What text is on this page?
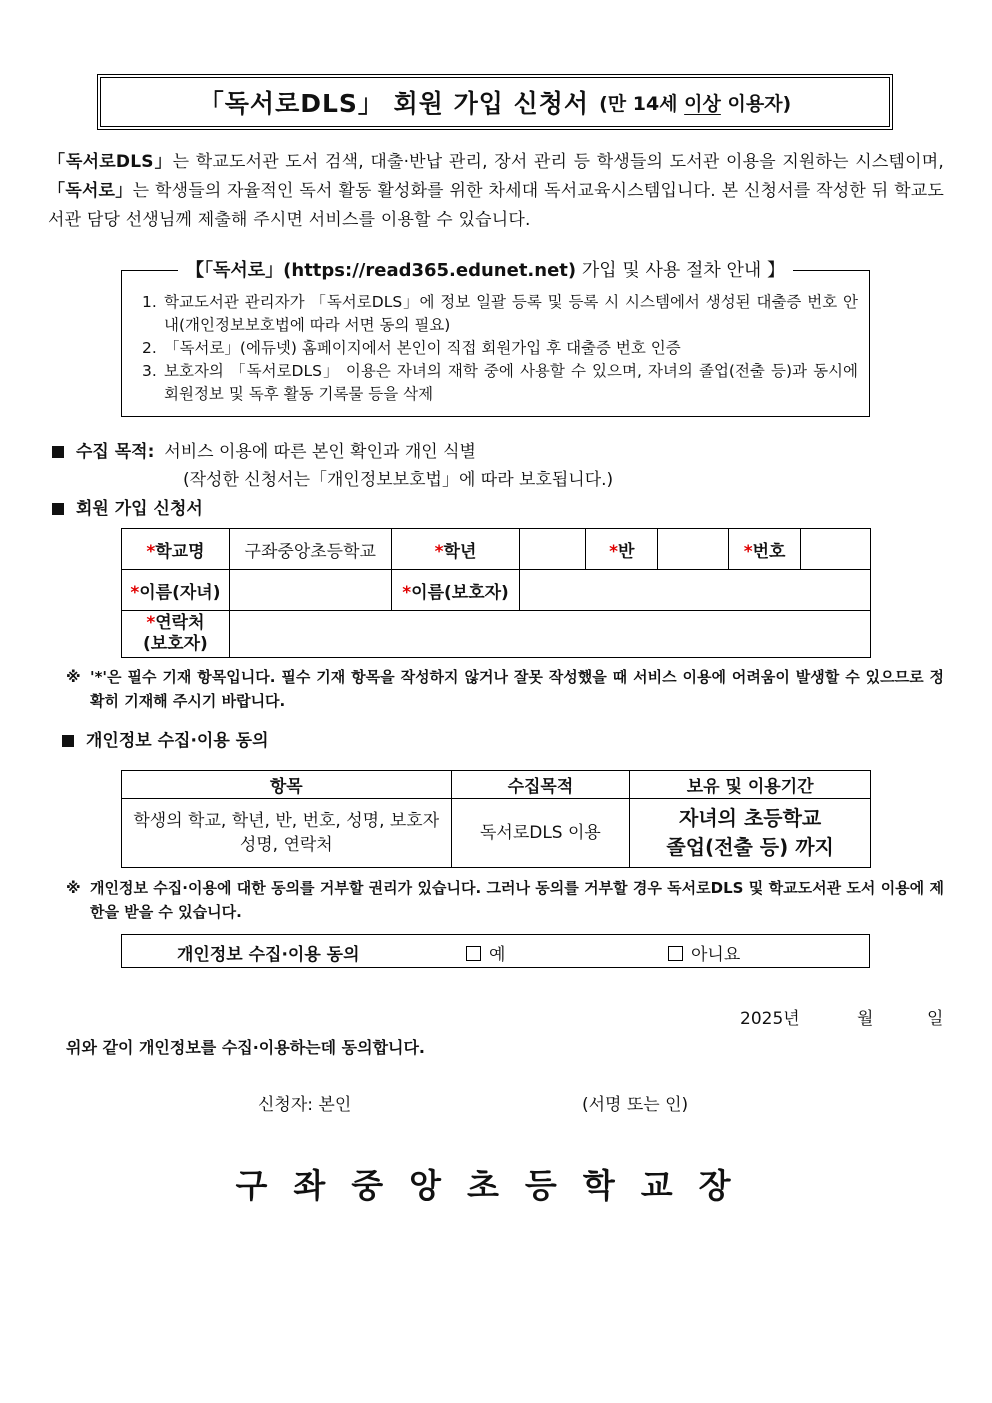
「독서로DLS」 회원 가입 신청서 (만 14세 이상 이용자)
「독서로DLS」는 학교도서관 도서 검색, 대출·반납 관리, 장서 관리 등 학생들의 도서관 이용을 지원하는 시스템이며, 「독서로」는 학생들의 자율적인 독서 활동 활성화를 위한 차세대 독서교육시스템입니다. 본 신청서를 작성한 뒤 학교도서관 담당 선생님께 제출해 주시면 서비스를 이용할 수 있습니다.
【「독서로」(https://read365.edunet.net) 가입 및 사용 절차 안내 】
1. 학교도서관 관리자가 「독서로DLS」에 정보 일괄 등록 및 등록 시 시스템에서 생성된 대출증 번호 안내(개인정보보호법에 따라 서면 동의 필요)
2. 「독서로」(에듀넷) 홈페이지에서 본인이 직접 회원가입 후 대출증 번호 인증
3. 보호자의 「독서로DLS」 이용은 자녀의 재학 중에 사용할 수 있으며, 자녀의 졸업(전출 등)과 동시에 회원정보 및 독후 활동 기록물 등을 삭제
수집 목적: 서비스 이용에 따른 본인 확인과 개인 식별
(작성한 신청서는「개인정보보호법」에 따라 보호됩니다.)
회원 가입 신청서
*학교명	구좌중앙초등학교	*학년		*반		*번호	
*이름(자녀)		*이름(보호자)					
*연락처
(보호자)							
※ '*'은 필수 기재 항목입니다. 필수 기재 항목을 작성하지 않거나 잘못 작성했을 때 서비스 이용에 어려움이 발생할 수 있으므로 정확히 기재해 주시기 바랍니다.
개인정보 수집·이용 동의
항목	수집목적	보유 및 이용기간
학생의 학교, 학년, 반, 번호, 성명, 보호자 성명, 연락처	독서로DLS 이용	자녀의 초등학교
졸업(전출 등) 까지
※ 개인정보 수집·이용에 대한 동의를 거부할 권리가 있습니다. 그러나 동의를 거부할 경우 독서로DLS 및 학교도서관 도서 이용에 제한을 받을 수 있습니다.
개인정보 수집·이용 동의	예	아니요
2025년	월	일
위와 같이 개인정보를 수집·이용하는데 동의합니다.
신청자: 본인	(서명 또는 인)
구좌중앙초등학교장
